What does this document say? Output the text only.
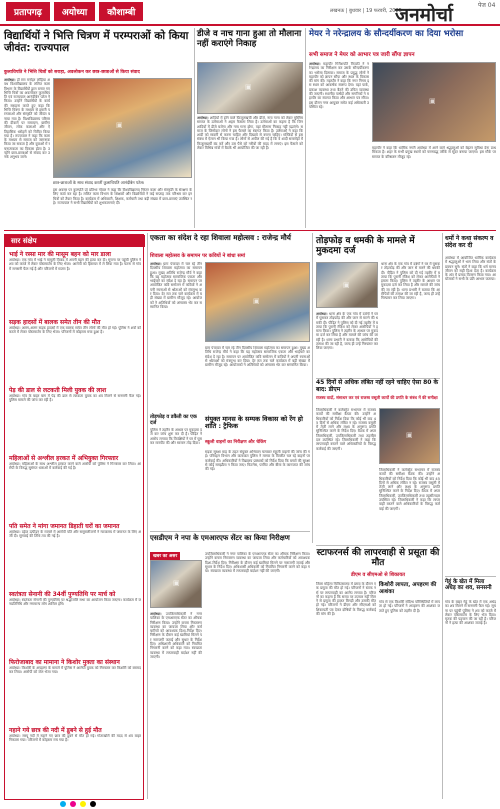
प्रतापगढ़	अयोध्या	कौशाम्बी	लखनऊ | बुधवार | 19 फरवरी, 2025
जनमोर्चा	पेज 04
विद्यार्थियों ने भित्ति चित्रण में परम्पराओं को किया जीवंत: राज्यपाल
कुलाधिपति ने भित्ति चित्रों को सराहा, अवलोकन कर छात्र-छात्राओं से किया संवाद
अयोध्या। डॉ राम मनोहर लोहिया अवध विश्वविद्यालय के ललित कला विभाग के विद्यार्थियों द्वारा बनाए गए भित्ति चित्रों का अवलोकन कुलाधिपति एवं राज्यपाल आनंदीबेन पटेल ने किया। उन्होंने विद्यार्थियों के कार्य की सराहना करते हुए कहा कि भित्ति चित्रण के माध्यम से हमारी परम्पराओं और संस्कृति को जीवंत बनाया गया है। विश्वविद्यालय परिसर की दीवारों पर रामायण, ग्रामीण जीवन, लोक कलाओं और ऐतिहासिक धरोहरों को चित्रित किया गया है। राज्यपाल ने कहा कि कला के माध्यम से समाज को जागरूक किया जा सकता है और युवाओं में रचनात्मकता का विकास होता है। उन्होंने छात्र-छात्राओं से संवाद कर उनके अनुभव जाने।
▣
छात्र-छात्राओं के साथ संवाद करतीं कुलाधिपति आनंदीबेन पटेल।
इस अवसर पर कुलपति प्रो प्रतिभा गोयल ने कहा कि विश्वविद्यालय निरंतर कला और संस्कृति के संरक्षण के लिए कार्य कर रहा है। ललित कला विभाग के शिक्षकों और विद्यार्थियों ने कई सप्ताह तक परिश्रम कर इन चित्रों को तैयार किया है। कार्यक्रम में अधिकारी, शिक्षक, कर्मचारी तथा बड़ी संख्या में छात्र-छात्राएं उपस्थित रहे। राज्यपाल ने सभी विद्यार्थियों को शुभकामनाएं दीं।
डीजे व नाच गाना हुआ तो मौलाना नहीं कराएंगे निकाह
▣
अयोध्या। शादियों में होने वाले फिजूलखर्ची और डीजे, नाच गाना को लेकर मुस्लिम समाज के उलेमाओं ने अहम फैसला लिया है। उलेमाओं का कहना है कि जिन शादियों में डीजे बजेगा और नाच गाना होगा, वहां मौलाना निकाह नहीं पढ़ाएंगे। समाज के जिम्मेदार लोगों ने इस फैसले का स्वागत किया है। उलेमाओं ने कहा कि शादी को सादगी से करना चाहिए और दिखावे से बचना चाहिए। मस्जिदों से इस संबंध में ऐलान भी किया गया है। लोगों से अपील की गई है कि वे शादी समारोहों में फिजूलखर्ची बंद करें और उस पैसे को गरीबों की मदद में लगाएं। इस फैसले को लेकर विभिन्न गांवों में बैठकें भी आयोजित की जा रही हैं।
मेयर ने नरेन्द्रालय के सौन्दर्यीकरण का दिया भरोसा
सभी समाज ने मेयर को आभार पत्र जारी सौंपा ज्ञापन
अयोध्या। महापौर गिरीशपति त्रिपाठी ने नरेन्द्रालय का निरीक्षण कर उसके सौन्दर्यीकरण का भरोसा दिलाया। समाज के प्रबुद्ध लोगों ने महापौर को ज्ञापन सौंपा और स्थल के विकास की मांग की। महापौर ने कहा कि नगर निगम इस स्थल को आकर्षक स्वरूप देगा। यहां पार्क, प्रकाश व्यवस्था तथा बैठने की उचित व्यवस्था की जाएगी। स्थानीय पार्षदों और नागरिकों ने महापौर का स्वागत किया और आभार पत्र सौंपा। इस दौरान नगर आयुक्त समेत कई अधिकारी उपस्थित रहे।
▣
महापौर ने कहा कि धार्मिक नगरी अयोध्या में आने वाले श्रद्धालुओं को बेहतर सुविधा देना प्राथमिकता है। शहर के सभी प्रमुख स्थलों को चरणबद्ध तरीके से सुंदर बनाया जाएगा। इस मौके पर समाज के वरिष्ठजन मौजूद रहे।
सार संक्षेप
भाई ने रस्सा मार की मासूम बहन को मार डाला
अयोध्या। एक गांव में भाई ने मामूली विवाद में अपनी बहन की हत्या कर दी। सूचना पर पहुंची पुलिस ने शव को कब्जे में लेकर पोस्टमार्टम के लिए भेजा। आरोपी को हिरासत में ले लिया गया है। घटना से गांव में सनसनी फैल गई है और परिजनों में मातम है।
सड़क हादसों में बालक समेत तीन की मौत
अयोध्या। अलग-अलग सड़क हादसों में एक बालक समेत तीन लोगों की मौत हो गई। पुलिस ने शवों को कब्जे में लेकर पोस्टमार्टम के लिए भेजा। परिजनों में कोहराम मचा हुआ है।
पेड़ की डाल से लटकती मिली युवक की लाश
अयोध्या। गांव के बाहर बाग में पेड़ की डाल से लटकता युवक का शव मिलने से सनसनी फैल गई। पुलिस मामले की जांच कर रही है।
महिलाओं से अश्लील हरकत में अभियुक्त गिरफ्तार
अयोध्या। महिलाओं के साथ अश्लील हरकत करने वाले आरोपी को पुलिस ने गिरफ्तार कर लिया। आरोपी के विरुद्ध सुसंगत धाराओं में कार्रवाई की गई है।
पति समेत ने मांगा जमानत डिहाती घरों का जमानत
अयोध्या। दहेज उत्पीड़न के मामले में आरोपी पति और ससुरालीजनों ने न्यायालय में जमानत के लिए अर्जी दी। सुनवाई की तिथि तय की गई है।
स्वतंत्रता सेनानी की 34वीं पुण्यतिथि पर मार्च को
अयोध्या। स्वतंत्रता सेनानी की पुण्यतिथि पर श्रद्धांजलि सभा का आयोजन किया जाएगा। कार्यक्रम में जनप्रतिनिधि और गणमान्य लोग शामिल होंगे।
फिरोजाबाद का मामाना ने किशोर मुक्ता का संस्थान
अयोध्या। किशोरी के अपहरण के मामले में पुलिस ने आरोपी युवक को गिरफ्तार कर किशोरी को बरामद कर लिया। आरोपी को जेल भेजा गया।
नहाने गये छात्र की नदी में डूबने से हुई मौत
अयोध्या। सरयू नदी में नहाने गए छात्र की डूबने से मौत हो गई। गोताखोरों की मदद से शव बाहर निकाला गया। परिजनों में कोहराम मच गया है।
एकता का संदेश दे रहा शिवाला महोत्सव : राजेन्द्र मौर्य
शिवाला महोत्सव के समापन पर कवियों ने बांधा समां
अयोध्या। ग्राम पंचायत में चल रहे तीन दिवसीय शिवाला महोत्सव का समापन हुआ। मुख्य अतिथि राजेन्द्र मौर्य ने कहा कि यह महोत्सव सामाजिक एकता और भाईचारे का संदेश दे रहा है। समापन पर आयोजित कवि सम्मेलन में कवियों ने अपनी रचनाओं से श्रोताओं को मंत्रमुग्ध कर दिया। देर रात तक चले कार्यक्रम में बड़ी संख्या में ग्रामीण मौजूद रहे। आयोजकों ने अतिथियों को अंगवस्त्र भेंट कर सम्मानित किया।
▣
ग्राम पंचायत में चल रहे तीन दिवसीय शिवाला महोत्सव का समापन हुआ। मुख्य अतिथि राजेन्द्र मौर्य ने कहा कि यह महोत्सव सामाजिक एकता और भाईचारे का संदेश दे रहा है। समापन पर आयोजित कवि सम्मेलन में कवियों ने अपनी रचनाओं से श्रोताओं को मंत्रमुग्ध कर दिया। देर रात तक चले कार्यक्रम में बड़ी संख्या में ग्रामीण मौजूद रहे। आयोजकों ने अतिथियों को अंगवस्त्र भेंट कर सम्मानित किया।
तोड़फोड़ व डकैती का एक दर्ज
पुलिस ने तहरीर के आधार पर मुकदमा दर्ज कर जांच शुरू कर दी है। पीड़ित ने आरोप लगाया कि विपक्षियों ने घर में घुसकर मारपीट की और सामान तोड़ दिया।
संयुक्त मानस के सम्यक विकास को रेंग हो शांति : ट्रैफिक
स्कूली वाहनों का निरीक्षण और चेकिंग
सड़क सुरक्षा माह के तहत संयुक्त अभियान चलाकर स्कूली वाहनों की जांच की गई। परिवहन विभाग और यातायात पुलिस ने मानक के विपरीत चल रहे वाहनों पर कार्रवाई की। अधिकारियों ने विद्यालय प्रबंधकों को निर्देश दिया कि बच्चों की सुरक्षा से कोई समझौता न किया जाए। फिटनेस, परमिट और बीमा के कागजात की जांच की गई।
तोड़फोड़ व धमकी के मामले में मुकदमा दर्ज
▣
अयोध्या। थाना क्षेत्र के एक गांव में दबंगों ने घर में घुसकर तोड़फोड़ की और जान से मारने की धमकी दी। पीड़ित ने पुलिस को दी गई तहरीर में बताया कि पुरानी रंजिश को लेकर आरोपियों ने हमला किया। पुलिस ने तहरीर के आधार पर मुकदमा दर्ज कर लिया है और मामले की जांच की जा रही है। थाना प्रभारी ने बताया कि आरोपियों की तलाश की जा रही है, जल्द ही उन्हें गिरफ्तार कर लिया जाएगा।
थाना क्षेत्र के एक गांव में दबंगों ने घर में घुसकर तोड़फोड़ की और जान से मारने की धमकी दी। पीड़ित ने पुलिस को दी गई तहरीर में बताया कि पुरानी रंजिश को लेकर आरोपियों ने हमला किया। पुलिस ने तहरीर के आधार पर मुकदमा दर्ज कर लिया है और मामले की जांच की जा रही है। थाना प्रभारी ने बताया कि आरोपियों की तलाश की जा रही है, जल्द ही उन्हें गिरफ्तार कर लिया जाएगा।
धर्मो ने कथा संकल्प व संदेश कर दी
अयोध्या में आयोजित धार्मिक कार्यक्रम में श्रद्धालुओं ने भाग लिया और संतों के प्रवचन सुने। संतों ने कहा कि धर्म मानव जीवन को सही दिशा देता है। कार्यक्रम के अंत में प्रसाद वितरण किया गया। आयोजकों ने सभी के प्रति आभार जताया।
गेहूं के खेत में मिला अधेड़ का शव, सनसनी
गांव के बाहर गेहूं के खेत में एक अधेड़ का शव मिलने से सनसनी फैल गई। सूचना पर पहुंची पुलिस ने शव को कब्जे में लेकर पोस्टमार्टम के लिए भेज दिया। मृतक की पहचान की जा रही है। परिजनों ने हत्या की आशंका जताई है।
45 दिनों से अधिक लंबित नहीं रहने चाहिए ऐसा 80 के बाद: डीएम
राजस्व वादों, संसाधन कर एवं राजस्व वसूली कार्यों की प्रगति के संबंध में की समीक्षा
जिलाधिकारी ने कलेक्ट्रेट सभागार में राजस्व कार्यों की समीक्षा बैठक की। उन्होंने अधिकारियों को निर्देश दिया कि कोई भी वाद 45 दिनों से अधिक लंबित न रहे। राजस्व वसूली में तेजी लाने और लक्ष्य के अनुरूप प्रगति सुनिश्चित करने के निर्देश दिए। बैठक में अपर जिलाधिकारी, उपजिलाधिकारी तथा तहसीलदार उपस्थित रहे। जिलाधिकारी ने कहा कि लापरवाही बरतने वाले अधिकारियों के विरुद्ध कार्रवाई की जाएगी।
▣
जिलाधिकारी ने कलेक्ट्रेट सभागार में राजस्व कार्यों की समीक्षा बैठक की। उन्होंने अधिकारियों को निर्देश दिया कि कोई भी वाद 45 दिनों से अधिक लंबित न रहे। राजस्व वसूली में तेजी लाने और लक्ष्य के अनुरूप प्रगति सुनिश्चित करने के निर्देश दिए। बैठक में अपर जिलाधिकारी, उपजिलाधिकारी तथा तहसीलदार उपस्थित रहे। जिलाधिकारी ने कहा कि लापरवाही बरतने वाले अधिकारियों के विरुद्ध कार्रवाई की जाएगी।
एसडीएम ने नपा के एमआरएफ सेंटर का किया निरीक्षण
खबर का असर
▣
अयोध्या। उपजिलाधिकारी ने नगर पालिका के एमआरएफ सेंटर का औचक निरीक्षण किया। उन्होंने कचरा निस्तारण व्यवस्था का जायजा लिया और कर्मचारियों को आवश्यक दिशा-निर्देश दिए। निरीक्षण के दौरान कई खामियां मिलने पर नाराजगी जताई और सुधार के निर्देश दिए। अधिशासी अधिकारी को नियमित निगरानी करने को कहा गया। स्वच्छता व्यवस्था में लापरवाही बर्दाश्त नहीं की जाएगी।
उपजिलाधिकारी ने नगर पालिका के एमआरएफ सेंटर का औचक निरीक्षण किया। उन्होंने कचरा निस्तारण व्यवस्था का जायजा लिया और कर्मचारियों को आवश्यक दिशा-निर्देश दिए। निरीक्षण के दौरान कई खामियां मिलने पर नाराजगी जताई और सुधार के निर्देश दिए। अधिशासी अधिकारी को नियमित निगरानी करने को कहा गया। स्वच्छता व्यवस्था में लापरवाही बर्दाश्त नहीं की जाएगी।
स्टाफरनर्स की लापरवाही से प्रसूता की मौत
डीएम व सीएमओ से शिकायत
जिला महिला चिकित्सालय में प्रसव के दौरान एक प्रसूता की मौत हो गई। परिजनों ने स्टाफ नर्स पर लापरवाही का आरोप लगाया है। परिजनों का कहना है कि समय पर उपचार नहीं मिलने से प्रसूता की हालत बिगड़ी और उसकी मौत हो गई। परिजनों ने डीएम और सीएमओ को शिकायती पत्र देकर दोषियों के विरुद्ध कार्रवाई की मांग की है।
किशोरी लापता, अपहरण की आशंका
गांव से एक किशोरी संदिग्ध परिस्थितियों में लापता हो गई। परिजनों ने अपहरण की आशंका जताते हुए पुलिस को तहरीर दी है।
